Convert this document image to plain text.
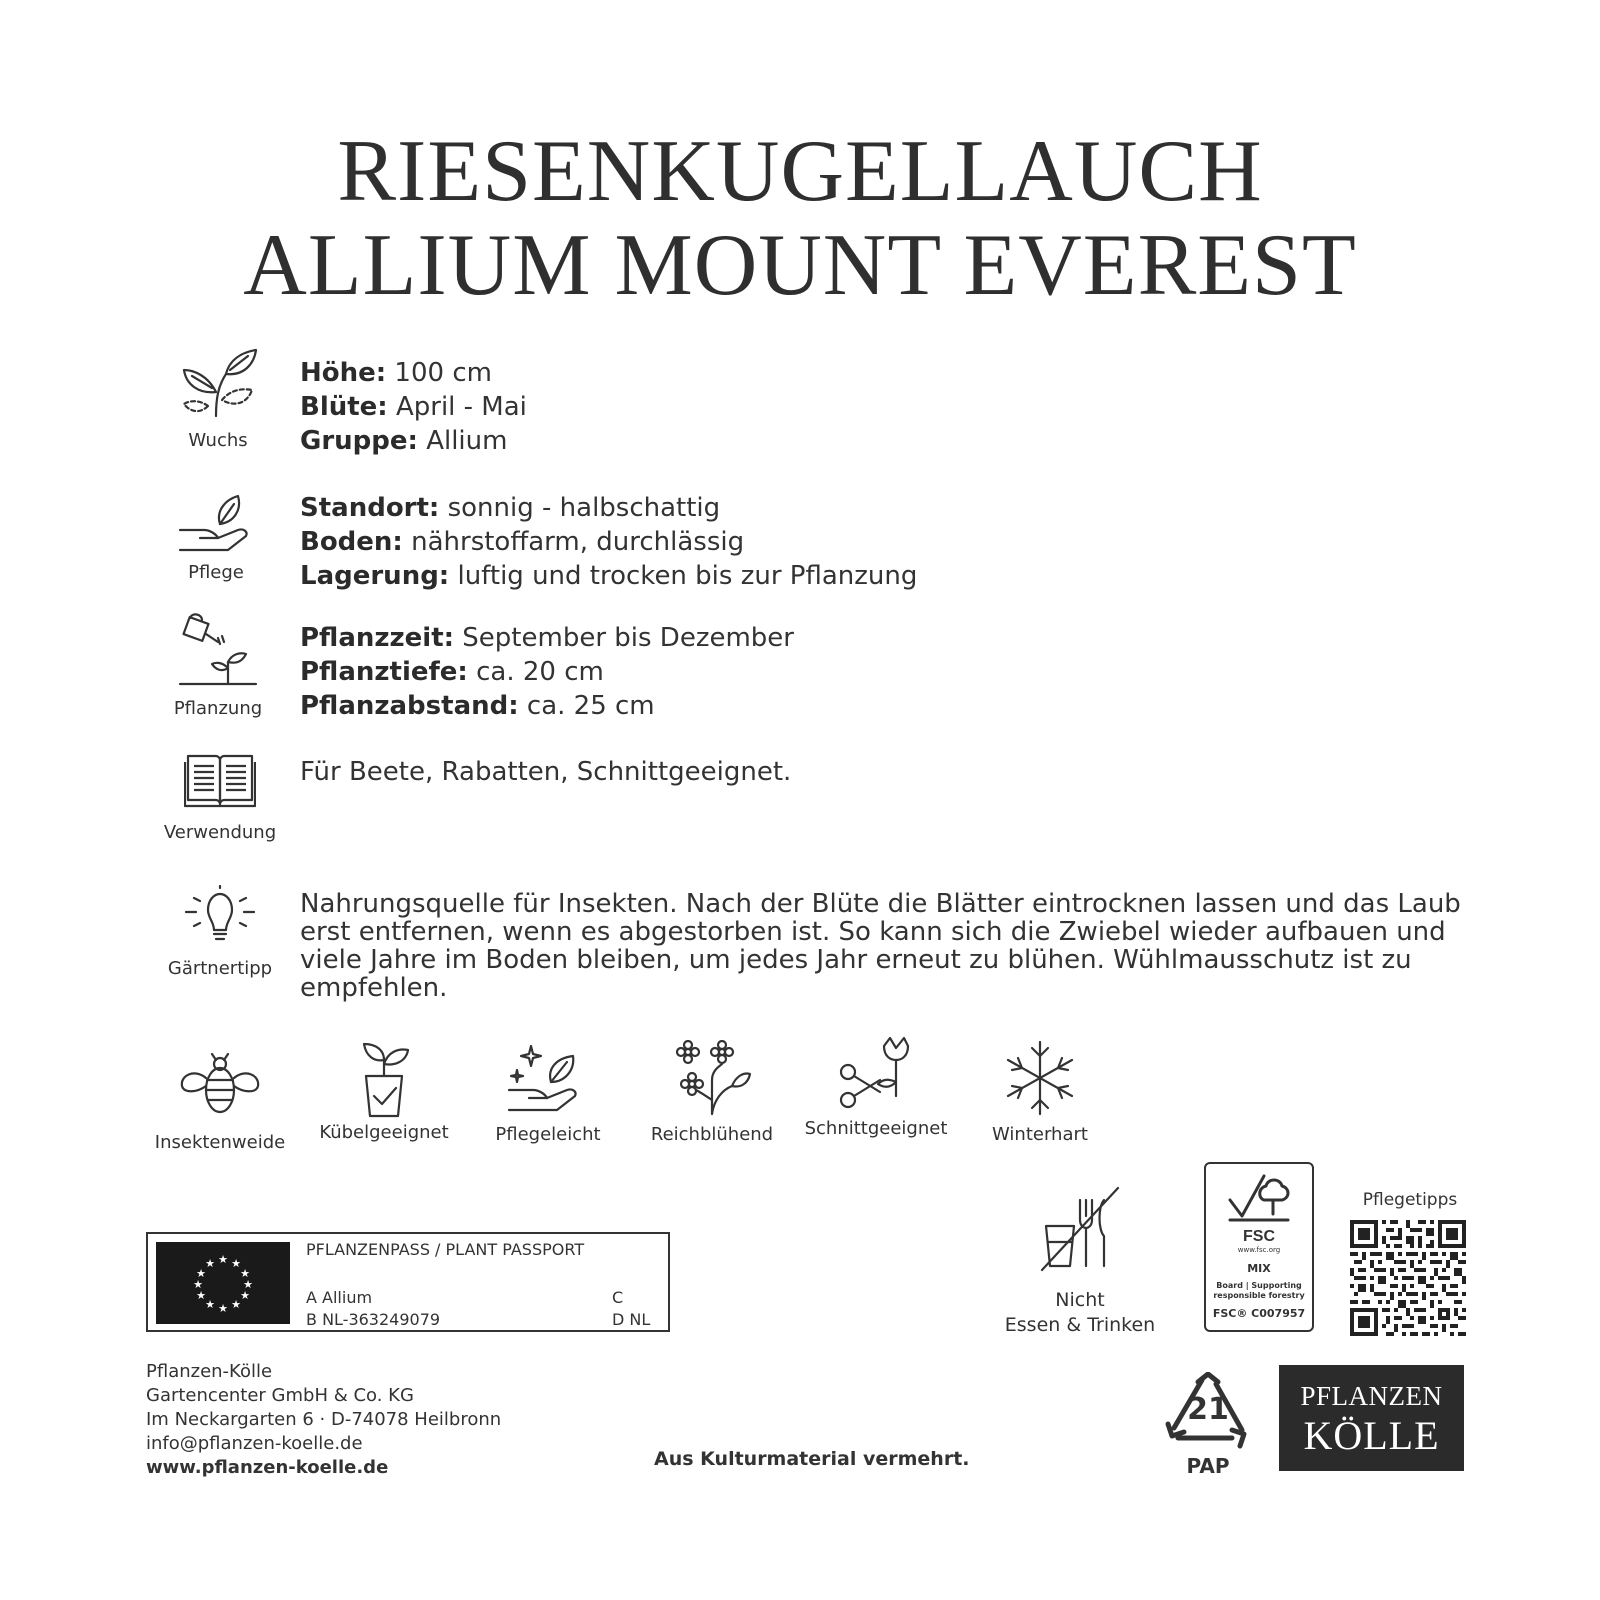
RIESENKUGELLAUCH
ALLIUM MOUNT EVEREST
Wuchs
Höhe: 100 cm
Blüte: April - Mai
Gruppe: Allium
Pflege
Standort: sonnig - halbschattig
Boden: nährstoffarm, durchlässig
Lagerung: luftig und trocken bis zur Pflanzung
Pflanzung
Pflanzzeit: September bis Dezember
Pflanztiefe: ca. 20 cm
Pflanzabstand: ca. 25 cm
Verwendung
Für Beete, Rabatten, Schnittgeeignet.
Gärtnertipp
Nahrungsquelle für Insekten. Nach der Blüte die Blätter eintrocknen lassen und das Laub
erst entfernen, wenn es abgestorben ist. So kann sich die Zwiebel wieder aufbauen und
viele Jahre im Boden bleiben, um jedes Jahr erneut zu blühen. Wühlmausschutz ist zu
empfehlen.
Insektenweide	Kübelgeeignet	Pflegeleicht	Reichblühend	Schnittgeeignet	Winterhart
★ ★
★
★
★
★
★
★
★
★
★
★
PFLANZENPASS / PLANT PASSPORT
A Allium
B NL-363249079
C
D NL
Pflanzen-Kölle
Gartencenter GmbH & Co. KG
Im Neckargarten 6 · D-74078 Heilbronn
info@pflanzen-koelle.de
www.pflanzen-koelle.de	Aus Kulturmaterial vermehrt.
Nicht
Essen & Trinken
FSC
www.fsc.org
MIX
Board | Supporting
responsible forestry
FSC® C007957
Pflegetipps
21
PAP
PFLANZEN
KÖLLE
